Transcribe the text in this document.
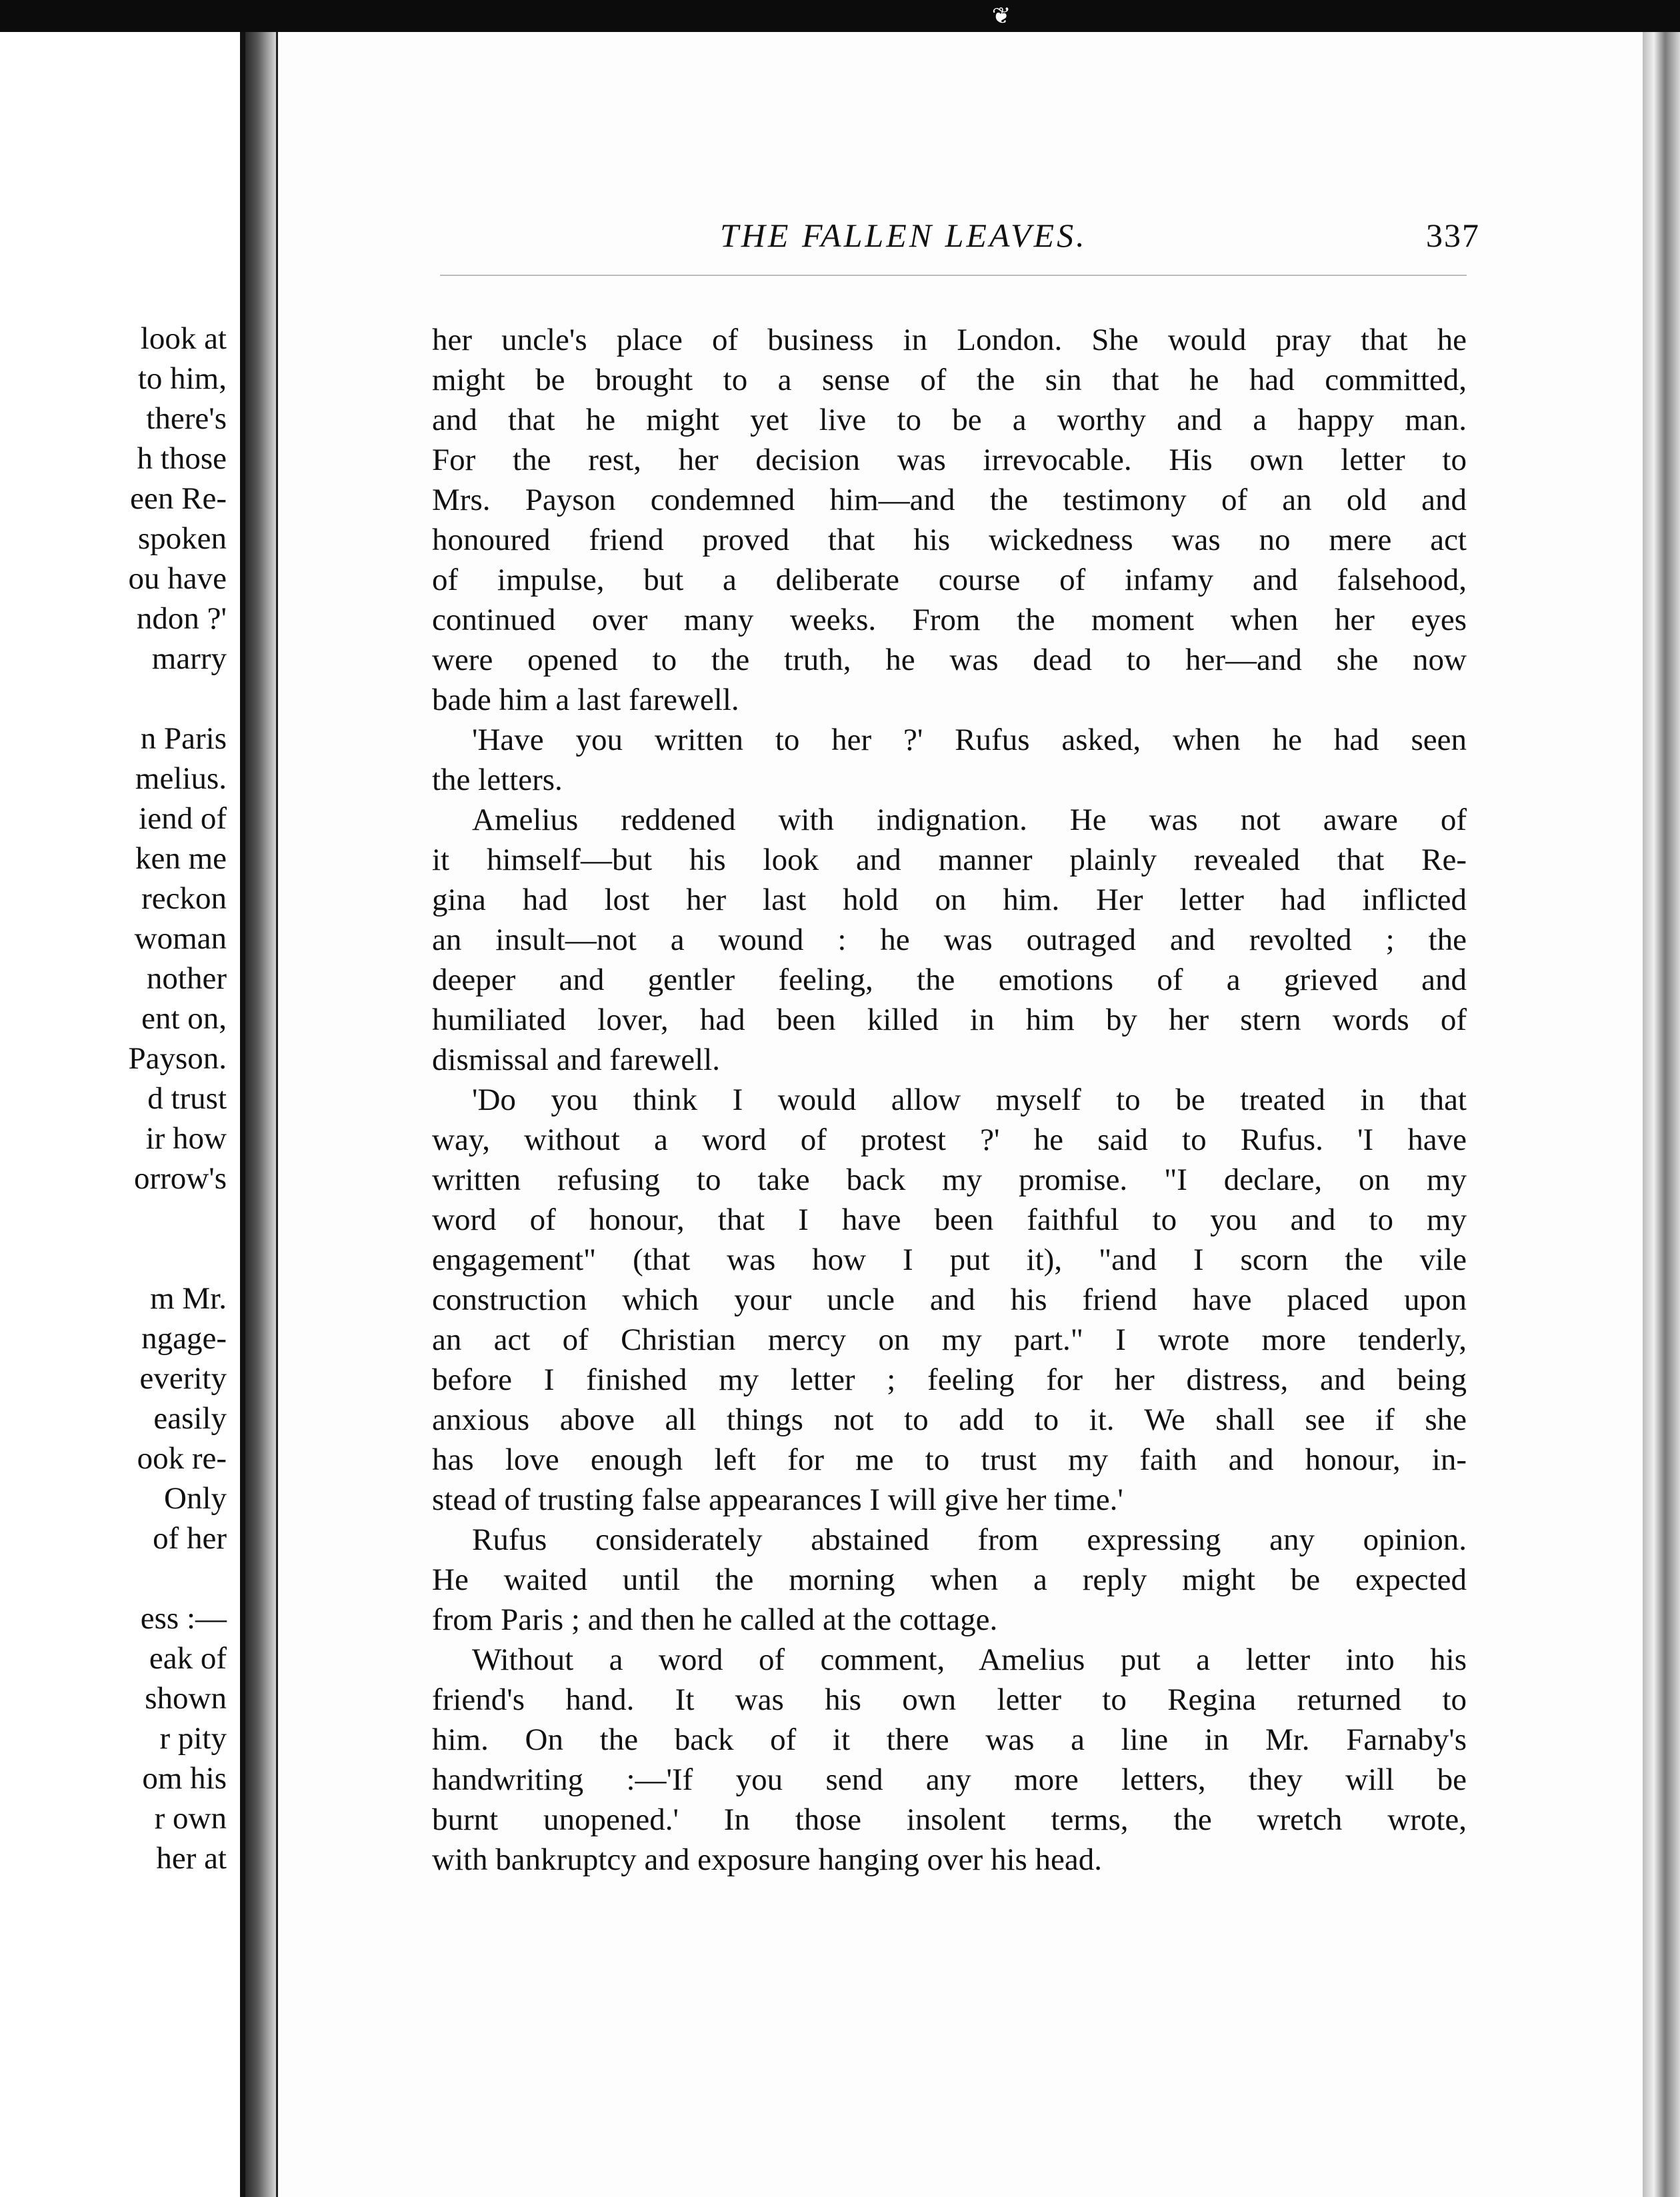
❦
look at
to him,
there's
h those
een Re-
spoken
ou have
ndon ?'
marry
n Paris
melius.
iend of
ken me
reckon
woman
nother
ent on,
Payson.
d trust
ir how
orrow's
m Mr.
ngage-
everity
easily
ook re-
Only
of her
ess :—
eak of
shown
r pity
om his
r own
her at
THE FALLEN LEAVES.	337
her uncle's place of business in London. She would pray that he
might be brought to a sense of the sin that he had committed,
and that he might yet live to be a worthy and a happy man.
For the rest, her decision was irrevocable. His own letter to
Mrs. Payson condemned him—and the testimony of an old and
honoured friend proved that his wickedness was no mere act
of impulse, but a deliberate course of infamy and falsehood,
continued over many weeks. From the moment when her eyes
were opened to the truth, he was dead to her—and she now
bade him a last farewell.
'Have you written to her ?' Rufus asked, when he had seen
the letters.
Amelius reddened with indignation. He was not aware of
it himself—but his look and manner plainly revealed that Re-
gina had lost her last hold on him. Her letter had inflicted
an insult—not a wound : he was outraged and revolted ; the
deeper and gentler feeling, the emotions of a grieved and
humiliated lover, had been killed in him by her stern words of
dismissal and farewell.
'Do you think I would allow myself to be treated in that
way, without a word of protest ?' he said to Rufus. 'I have
written refusing to take back my promise. "I declare, on my
word of honour, that I have been faithful to you and to my
engagement" (that was how I put it), "and I scorn the vile
construction which your uncle and his friend have placed upon
an act of Christian mercy on my part." I wrote more tenderly,
before I finished my letter ; feeling for her distress, and being
anxious above all things not to add to it. We shall see if she
has love enough left for me to trust my faith and honour, in-
stead of trusting false appearances I will give her time.'
Rufus considerately abstained from expressing any opinion.
He waited until the morning when a reply might be expected
from Paris ; and then he called at the cottage.
Without a word of comment, Amelius put a letter into his
friend's hand. It was his own letter to Regina returned to
him. On the back of it there was a line in Mr. Farnaby's
handwriting :—'If you send any more letters, they will be
burnt unopened.' In those insolent terms, the wretch wrote,
with bankruptcy and exposure hanging over his head.
